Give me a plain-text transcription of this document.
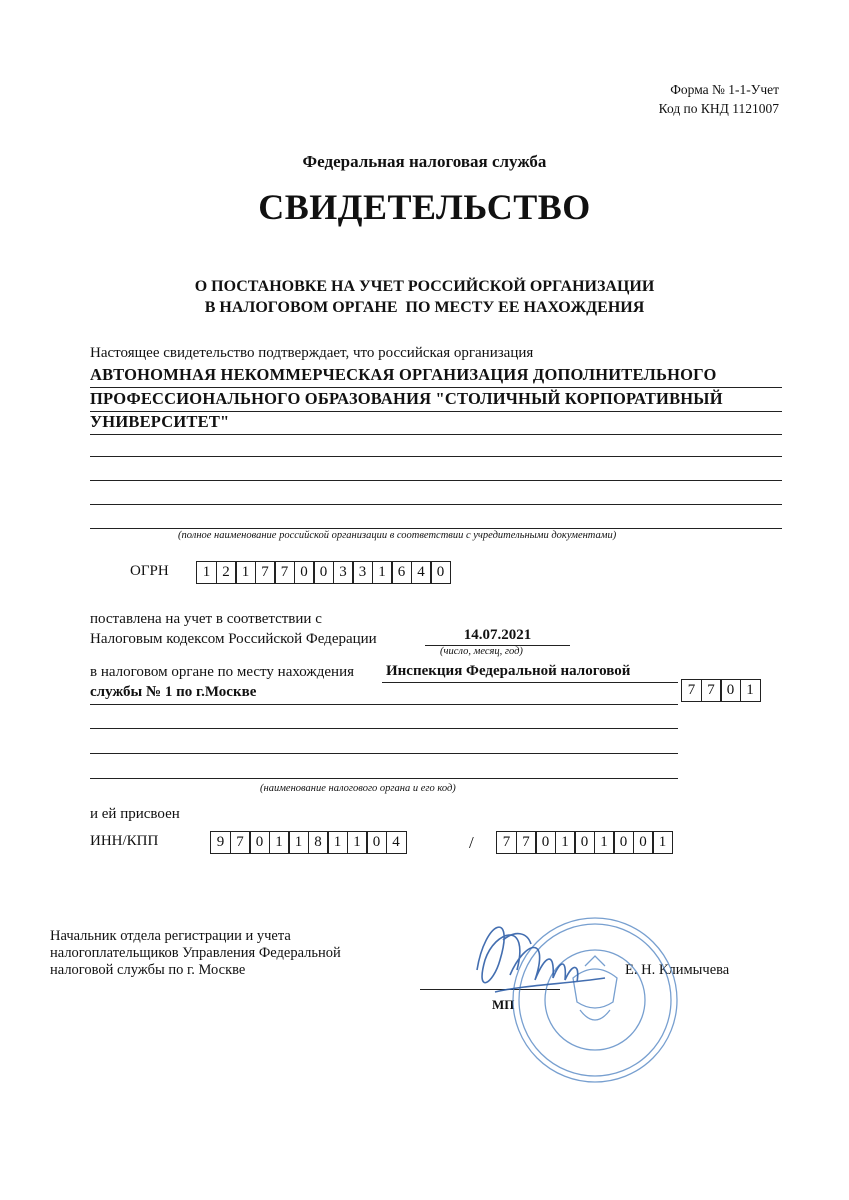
Форма № 1-1-Учет
Код по КНД 1121007
Федеральная налоговая служба
СВИДЕТЕЛЬСТВО
О ПОСТАНОВКЕ НА УЧЕТ РОССИЙСКОЙ ОРГАНИЗАЦИИ
В НАЛОГОВОМ ОРГАНЕ  ПО МЕСТУ ЕЕ НАХОЖДЕНИЯ
Настоящее свидетельство подтверждает, что российская организация
АВТОНОМНАЯ НЕКОММЕРЧЕСКАЯ ОРГАНИЗАЦИЯ ДОПОЛНИТЕЛЬНОГО
ПРОФЕССИОНАЛЬНОГО ОБРАЗОВАНИЯ "СТОЛИЧНЫЙ КОРПОРАТИВНЫЙ
УНИВЕРСИТЕТ"
(полное наименование российской организации в соответствии с учредительными документами)
ОГРН	1 2 1 7 7 0 0 3 3 1 6 4 0
поставлена на учет в соответствии с
Налоговым кодексом Российской Федерации	14.07.2021
(число, месяц, год)
в налоговом органе по месту нахождения Инспекция Федеральной налоговой
службы № 1 по г.Москве	7 7 0 1
(наименование налогового органа и его код)
и ей присвоен
ИНН/КПП	9 7 0 1 1 8 1 1 0 4	/	7 7 0 1 0 1 0 0 1
Начальник отдела регистрации и учета
налогоплательщиков Управления Федеральной
налоговой службы по г. Москве	Е. Н. Климычева
МП
